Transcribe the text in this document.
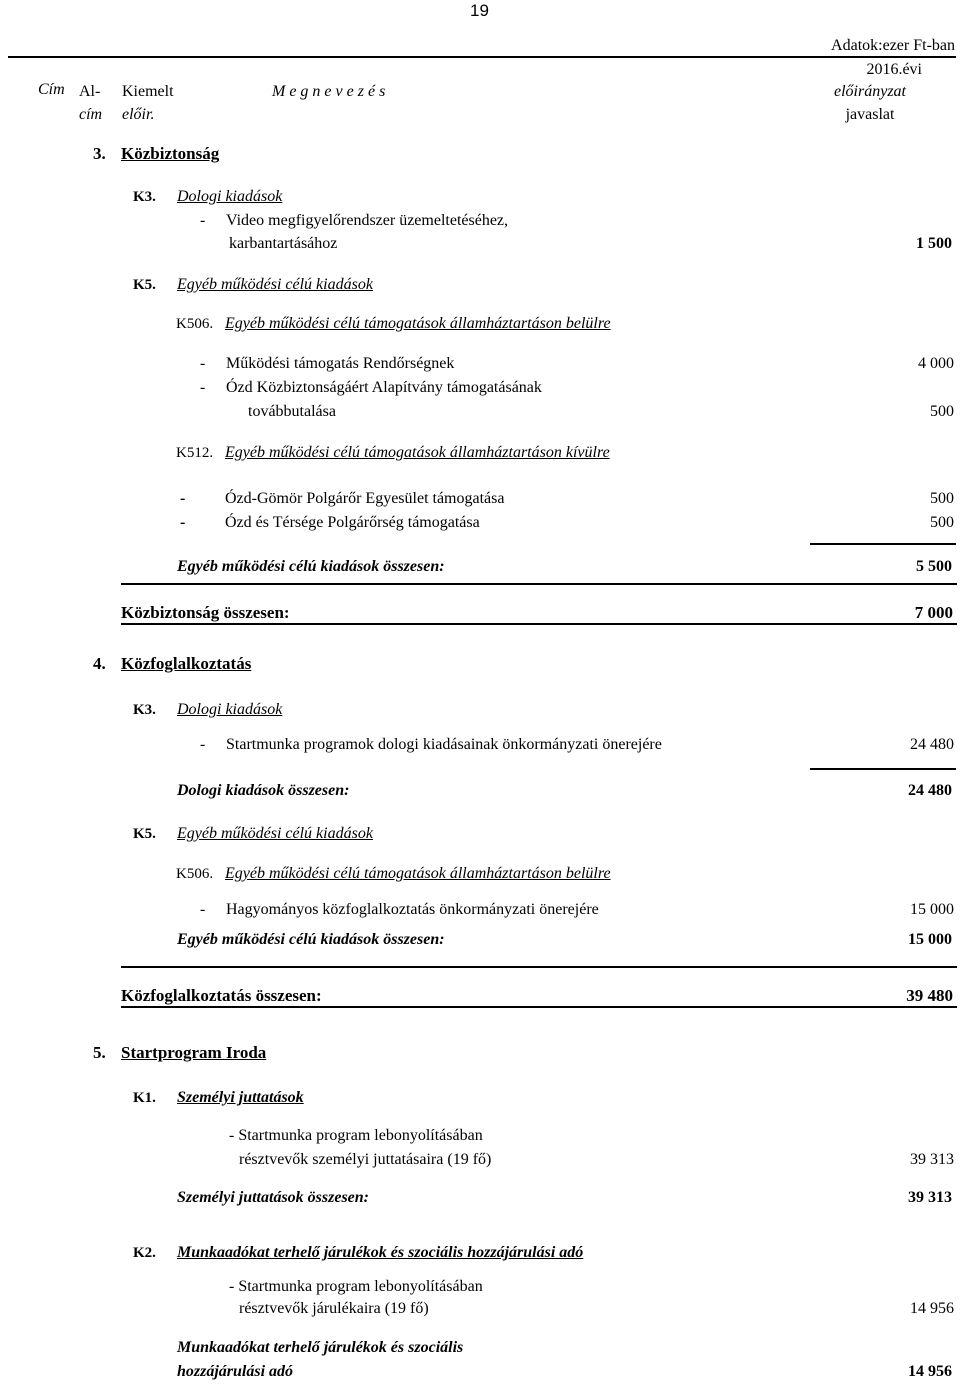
19
Adatok:ezer Ft-ban
2016.évi
Cím Al- Kiemelt	M e g n e v e z é s	előirányzat
cím előir.	javaslat
3. Közbiztonság
K3. Dologi kiadások
- Video megfigyelőrendszer üzemeltetéséhez,
karbantartásához	1 500
K5. Egyéb működési célú kiadások
K506. Egyéb működési célú támogatások államháztartáson belülre
- Működési támogatás Rendőrségnek	4 000
- Ózd Közbiztonságáért Alapítvány támogatásának
továbbutalása	500
K512. Egyéb működési célú támogatások államháztartáson kívülre
- Ózd-Gömör Polgárőr Egyesület támogatása	500
- Ózd és Térsége Polgárőrség támogatása	500
Egyéb működési célú kiadások összesen:	5 500
Közbiztonság összesen:	7 000
4. Közfoglalkoztatás
K3. Dologi kiadások
- Startmunka programok dologi kiadásainak önkormányzati önerejére	24 480
Dologi kiadások összesen:	24 480
K5. Egyéb működési célú kiadások
K506. Egyéb működési célú támogatások államháztartáson belülre
- Hagyományos közfoglalkoztatás önkormányzati önerejére	15 000
Egyéb működési célú kiadások összesen:	15 000
Közfoglalkoztatás összesen:	39 480
5. Startprogram Iroda
K1. Személyi juttatások
- Startmunka program lebonyolításában
résztvevők személyi juttatásaira (19 fő)	39 313
Személyi juttatások összesen:	39 313
K2. Munkaadókat terhelő járulékok és szociális hozzájárulási adó
- Startmunka program lebonyolításában
résztvevők járulékaira (19 fő)	14 956
Munkaadókat terhelő járulékok és szociális
hozzájárulási adó	14 956
